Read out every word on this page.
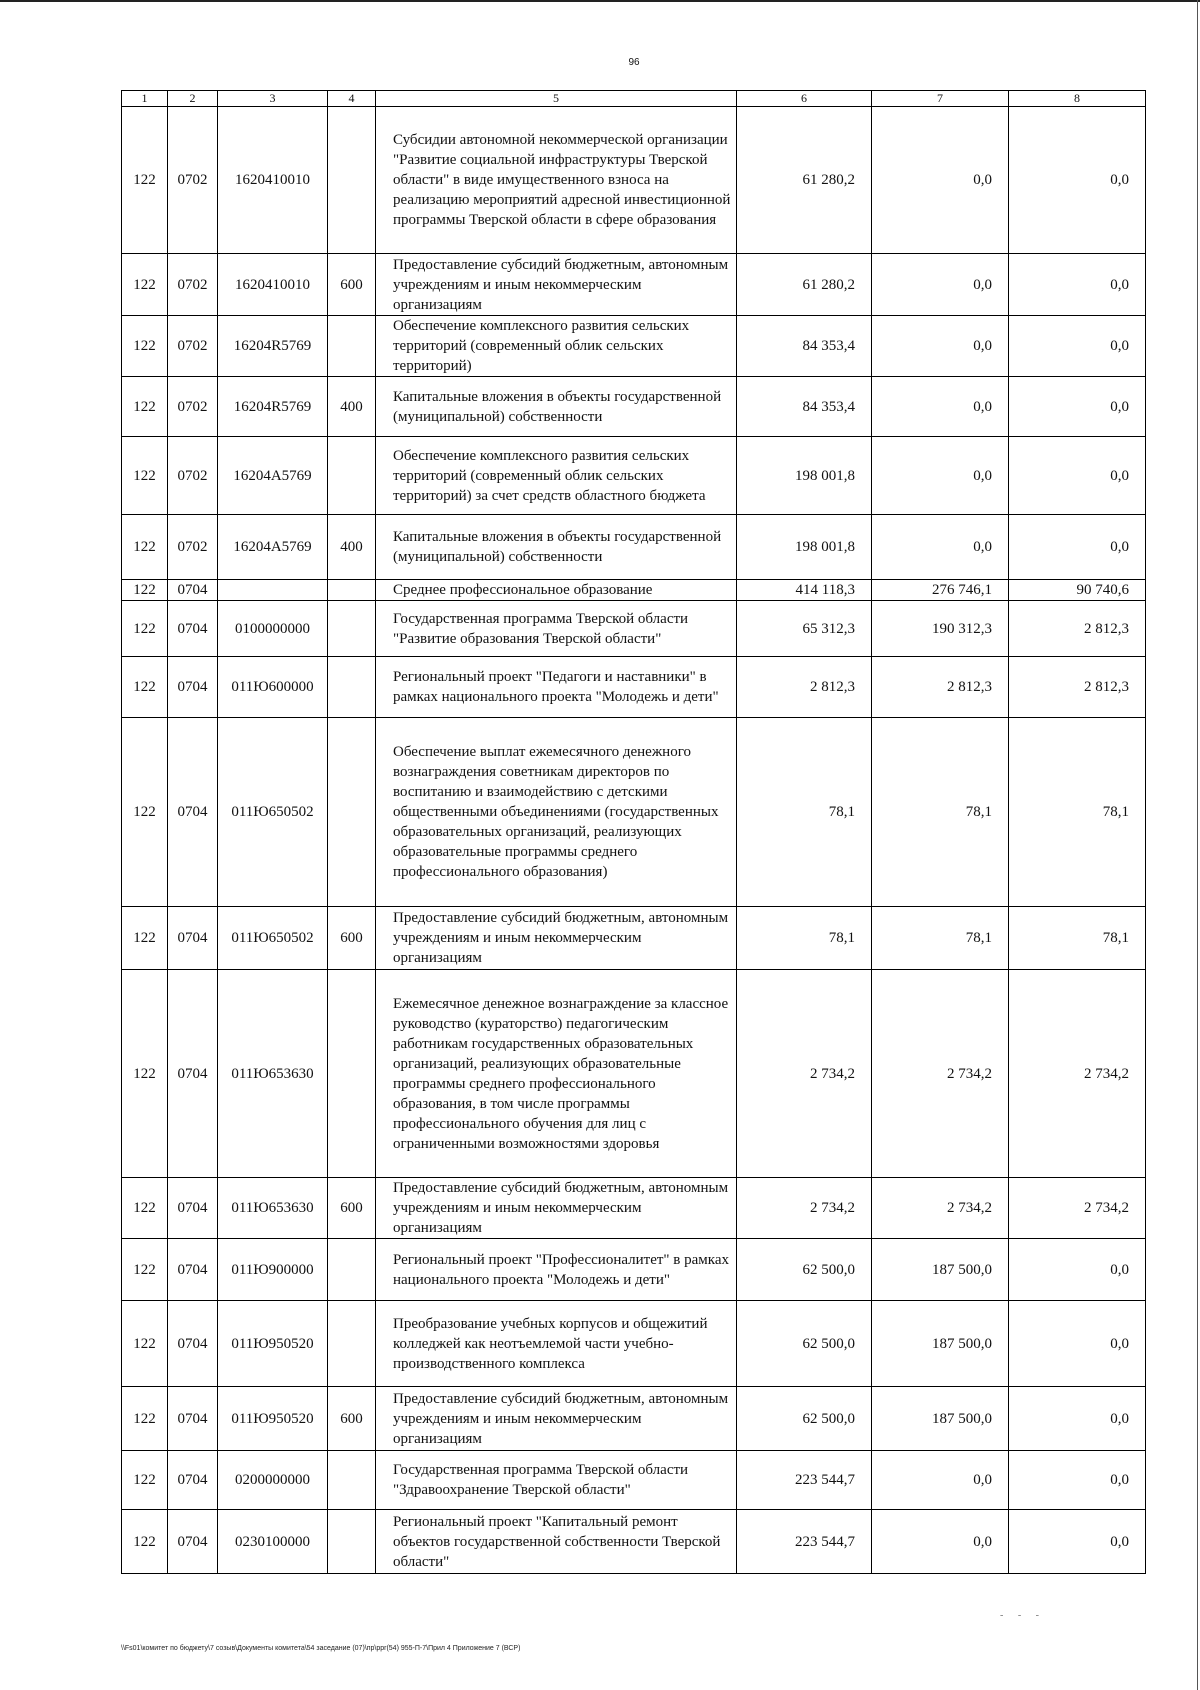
96
1	2	3	4	5	6	7	8
122	0702	1620410010		Субсидии автономной некоммерческой организации "Развитие социальной инфраструктуры Тверской области" в виде имущественного взноса на реализацию мероприятий адресной инвестиционной программы Тверской области в сфере образования	61 280,2	0,0	0,0
122	0702	1620410010	600	Предоставление субсидий бюджетным, автономным учреждениям и иным некоммерческим организациям	61 280,2	0,0	0,0
122	0702	16204R5769		Обеспечение комплексного развития сельских территорий (современный облик сельских территорий)	84 353,4	0,0	0,0
122	0702	16204R5769	400	Капитальные вложения в объекты государственной (муниципальной) собственности	84 353,4	0,0	0,0
122	0702	16204A5769		Обеспечение комплексного развития сельских территорий (современный облик сельских территорий) за счет средств областного бюджета	198 001,8	0,0	0,0
122	0702	16204A5769	400	Капитальные вложения в объекты государственной (муниципальной) собственности	198 001,8	0,0	0,0
122	0704			Среднее профессиональное образование	414 118,3	276 746,1	90 740,6
122	0704	0100000000		Государственная программа Тверской области "Развитие образования Тверской области"	65 312,3	190 312,3	2 812,3
122	0704	011Ю600000		Региональный проект "Педагоги и наставники" в рамках национального проекта "Молодежь и дети"	2 812,3	2 812,3	2 812,3
122	0704	011Ю650502		Обеспечение выплат ежемесячного денежного вознаграждения советникам директоров по воспитанию и взаимодействию с детскими общественными объединениями (государственных образовательных организаций, реализующих образовательные программы среднего профессионального образования)	78,1	78,1	78,1
122	0704	011Ю650502	600	Предоставление субсидий бюджетным, автономным учреждениям и иным некоммерческим организациям	78,1	78,1	78,1
122	0704	011Ю653630		Ежемесячное денежное вознаграждение за классное руководство (кураторство) педагогическим работникам государственных образовательных организаций, реализующих образовательные программы среднего профессионального образования, в том числе программы профессионального обучения для лиц с ограниченными возможностями здоровья	2 734,2	2 734,2	2 734,2
122	0704	011Ю653630	600	Предоставление субсидий бюджетным, автономным учреждениям и иным некоммерческим организациям	2 734,2	2 734,2	2 734,2
122	0704	011Ю900000		Региональный проект "Профессионалитет" в рамках национального проекта "Молодежь и дети"	62 500,0	187 500,0	0,0
122	0704	011Ю950520		Преобразование учебных корпусов и общежитий колледжей как неотъемлемой части учебно-производственного комплекса	62 500,0	187 500,0	0,0
122	0704	011Ю950520	600	Предоставление субсидий бюджетным, автономным учреждениям и иным некоммерческим организациям	62 500,0	187 500,0	0,0
122	0704	0200000000		Государственная программа Тверской области "Здравоохранение Тверской области"	223 544,7	0,0	0,0
122	0704	0230100000		Региональный проект "Капитальный ремонт объектов государственной собственности Тверской области"	223 544,7	0,0	0,0
\\Fs01\комитет по бюджету\7 созыв\Документы комитета\54 заседание (07)\пр\ppr(54) 955-П-7\Прил 4 Приложение 7 (ВСР)
‑ ‑ ‑
